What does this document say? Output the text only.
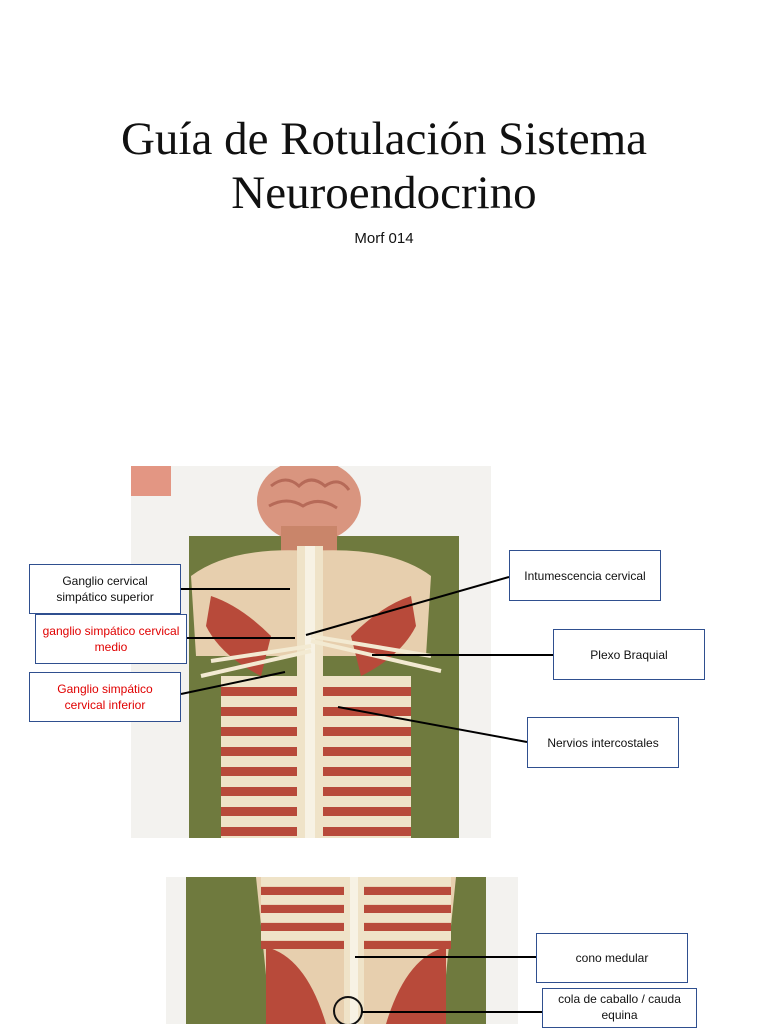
Guía de Rotulación Sistema
Neuroendocrino
Morf 014
Ganglio cervical simpático superior
ganglio simpático cervical medio
Ganglio simpático cervical inferior
Intumescencia cervical
Plexo Braquial
Nervios intercostales
cono medular
cola de caballo / cauda equina
